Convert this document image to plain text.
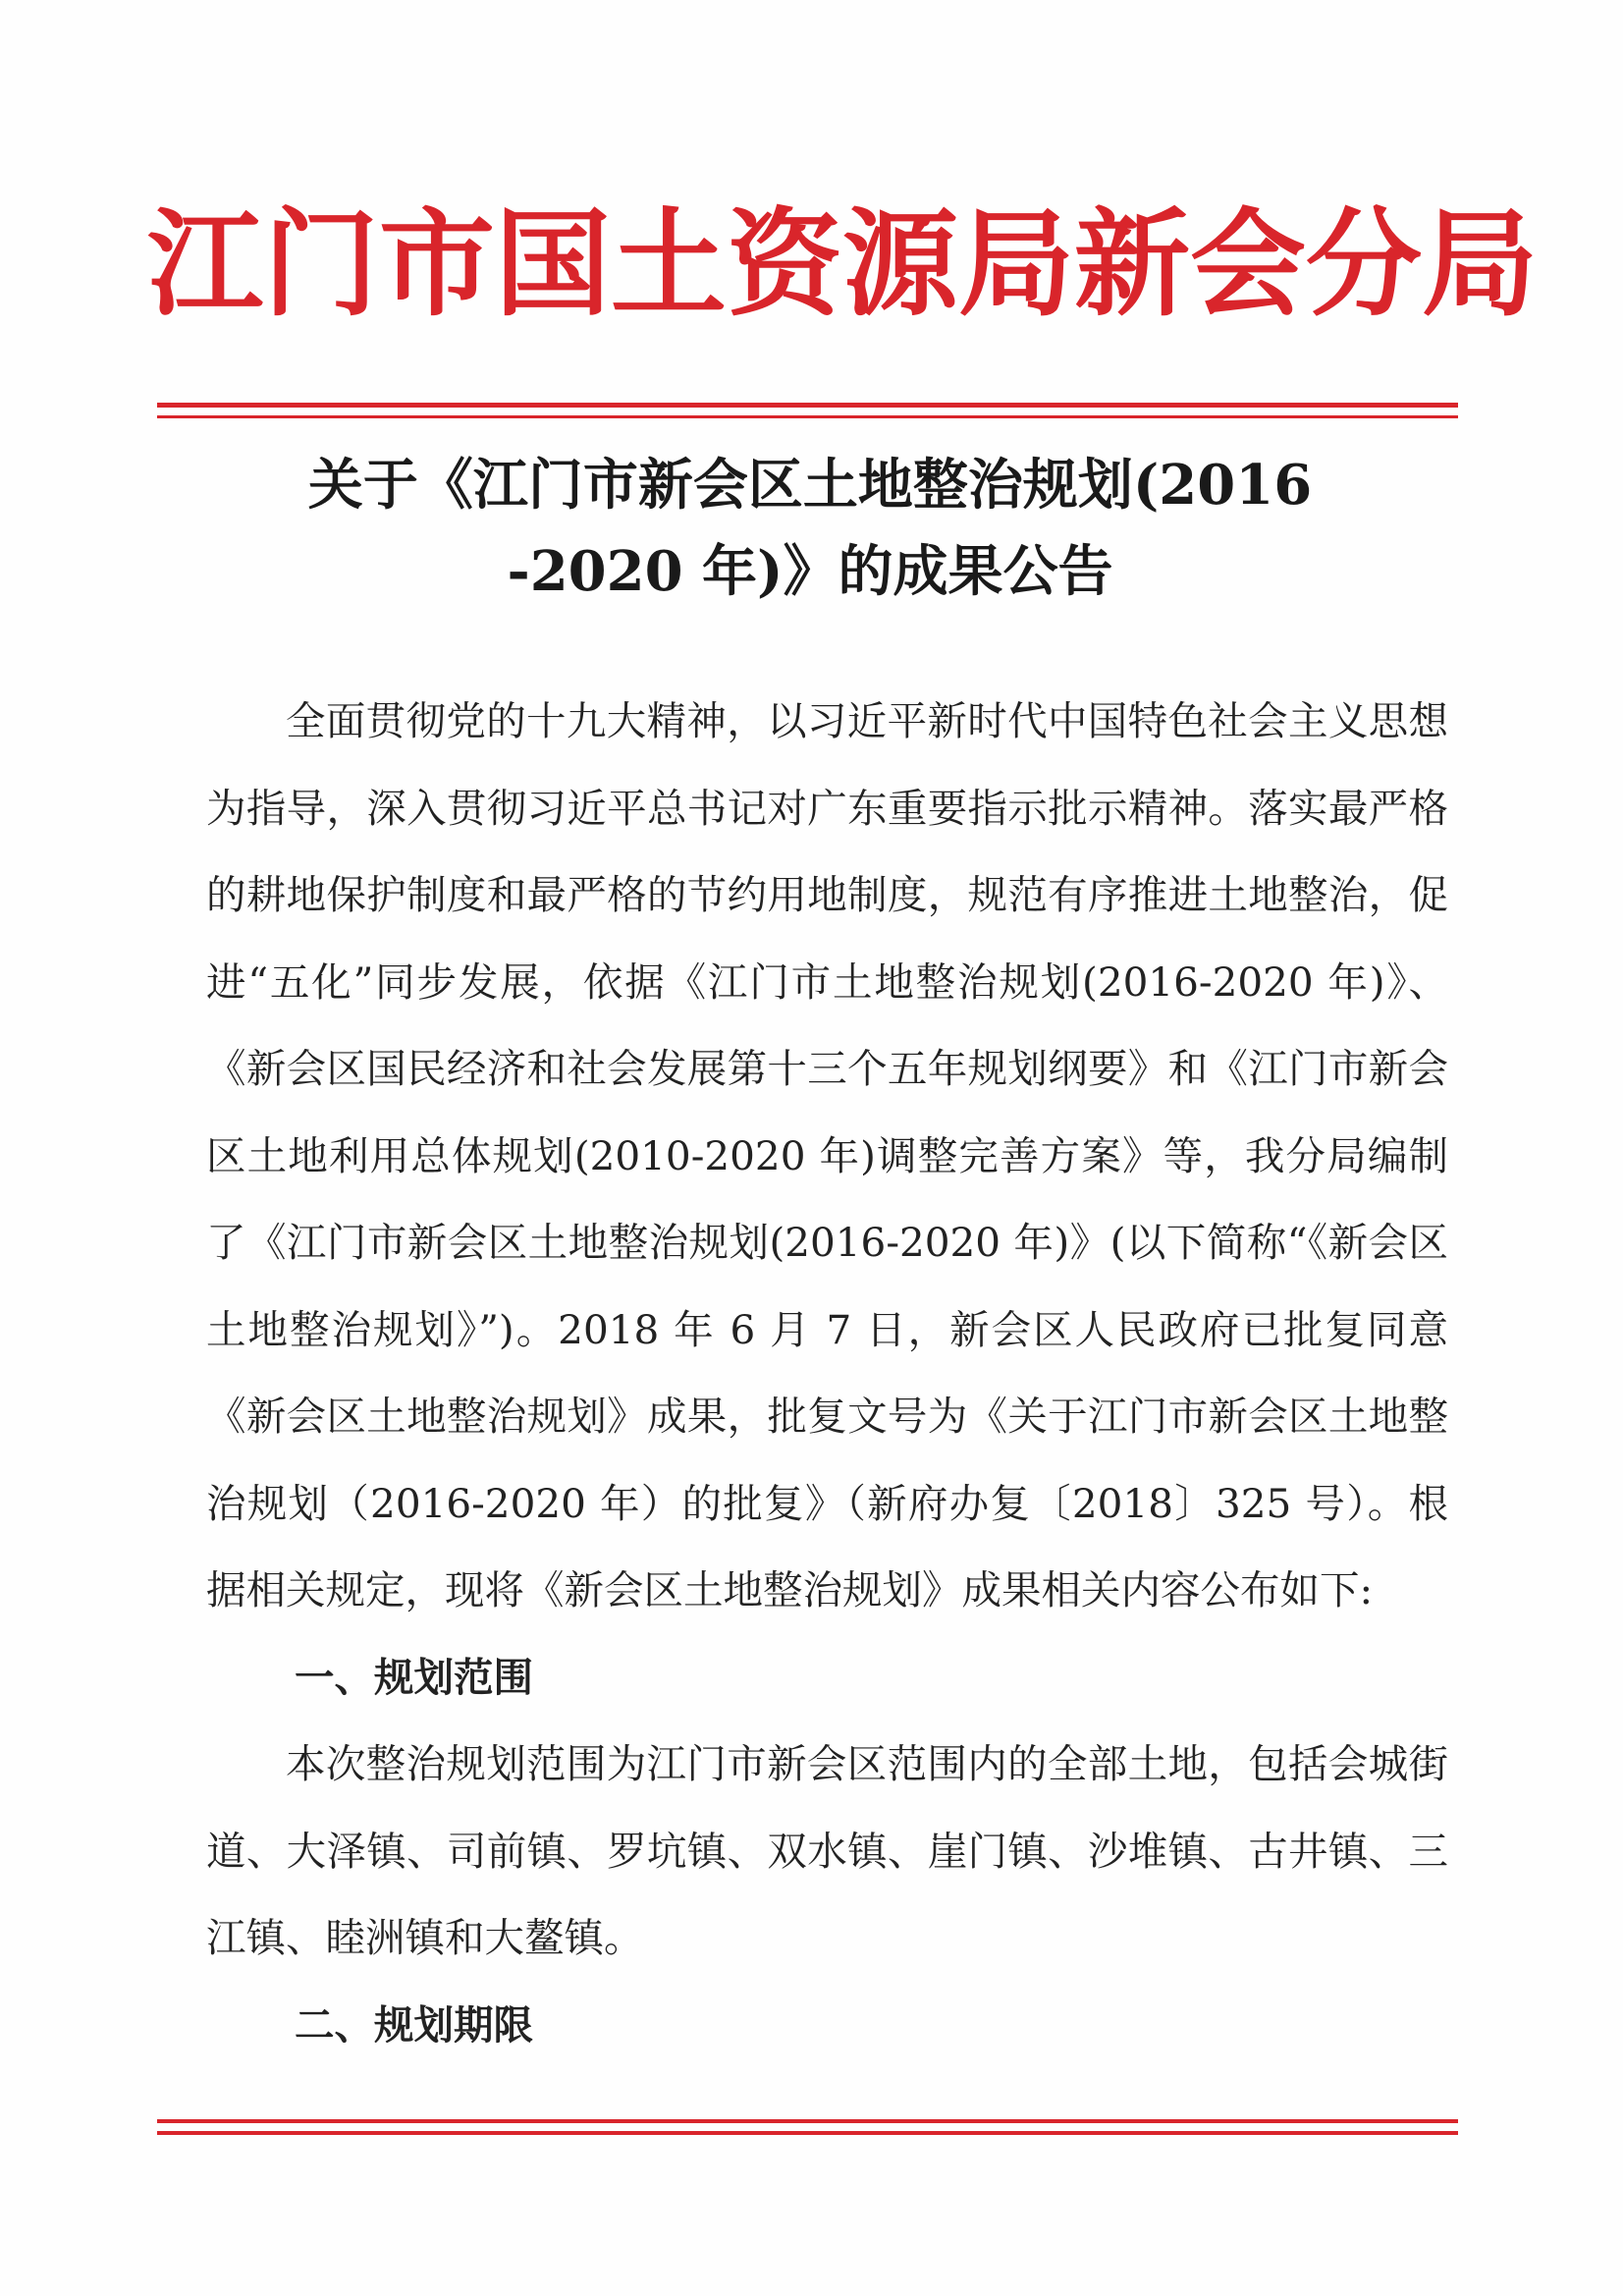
江门市国土资源局新会分局
关于《江门市新会区土地整治规划(2016
-2020 年)》的成果公告

全面贯彻党的十九大精神，以习近平新时代中国特色社会主义思想为指导，深入贯彻习近平总书记对广东重要指示批示精神。落实最严格的耕地保护制度和最严格的节约用地制度，规范有序推进土地整治，促进“五化”同步发展，依据《江门市土地整治规划(2016-2020 年)》、《新会区国民经济和社会发展第十三个五年规划纲要》和《江门市新会区土地利用总体规划(2010-2020 年)调整完善方案》等，我分局编制了《江门市新会区土地整治规划(2016-2020 年)》(以下简称“《新会区土地整治规划》”)。2018 年 6 月 7 日，新会区人民政府已批复同意《新会区土地整治规划》成果，批复文号为《关于江门市新会区土地整治规划（2016-2020 年）的批复》（新府办复〔2018〕325 号）。根据相关规定，现将《新会区土地整治规划》成果相关内容公布如下:

一、规划范围

本次整治规划范围为江门市新会区范围内的全部土地，包括会城街道、大泽镇、司前镇、罗坑镇、双水镇、崖门镇、沙堆镇、古井镇、三江镇、睦洲镇和大鳌镇。

二、规划期限
